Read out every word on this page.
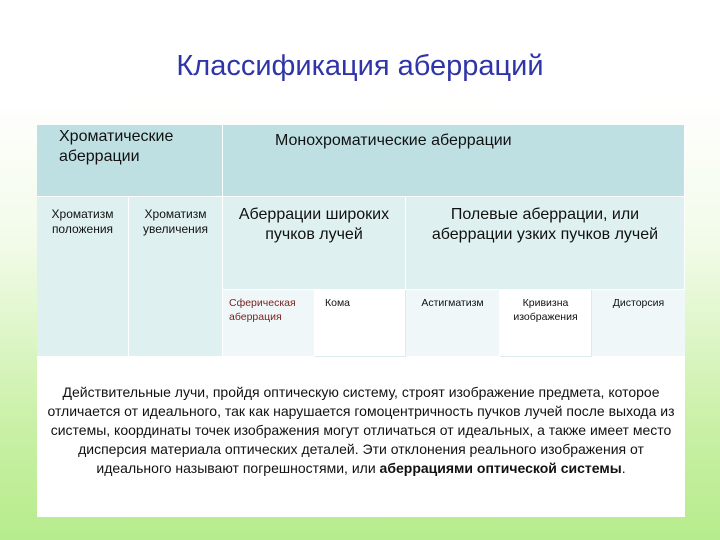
Классификация аберраций
Хроматические аберрации
Монохроматические аберрации
Хроматизм положения
Хроматизм увеличения
Аберрации широких пучков лучей
Полевые аберрации, или аберрации узких пучков лучей
Сферическая аберрация
Кома	Астигматизм	Кривизна изображения
Дисторсия
Действительные лучи, пройдя оптическую систему, строят изображение предмета, которое отличается от идеального, так как нарушается гомоцентричность пучков лучей после выхода из системы, координаты точек изображения могут отличаться от идеальных, а также имеет место дисперсия материала оптических деталей. Эти отклонения реального изображения от идеального называют погрешностями, или аберрациями оптической системы.
